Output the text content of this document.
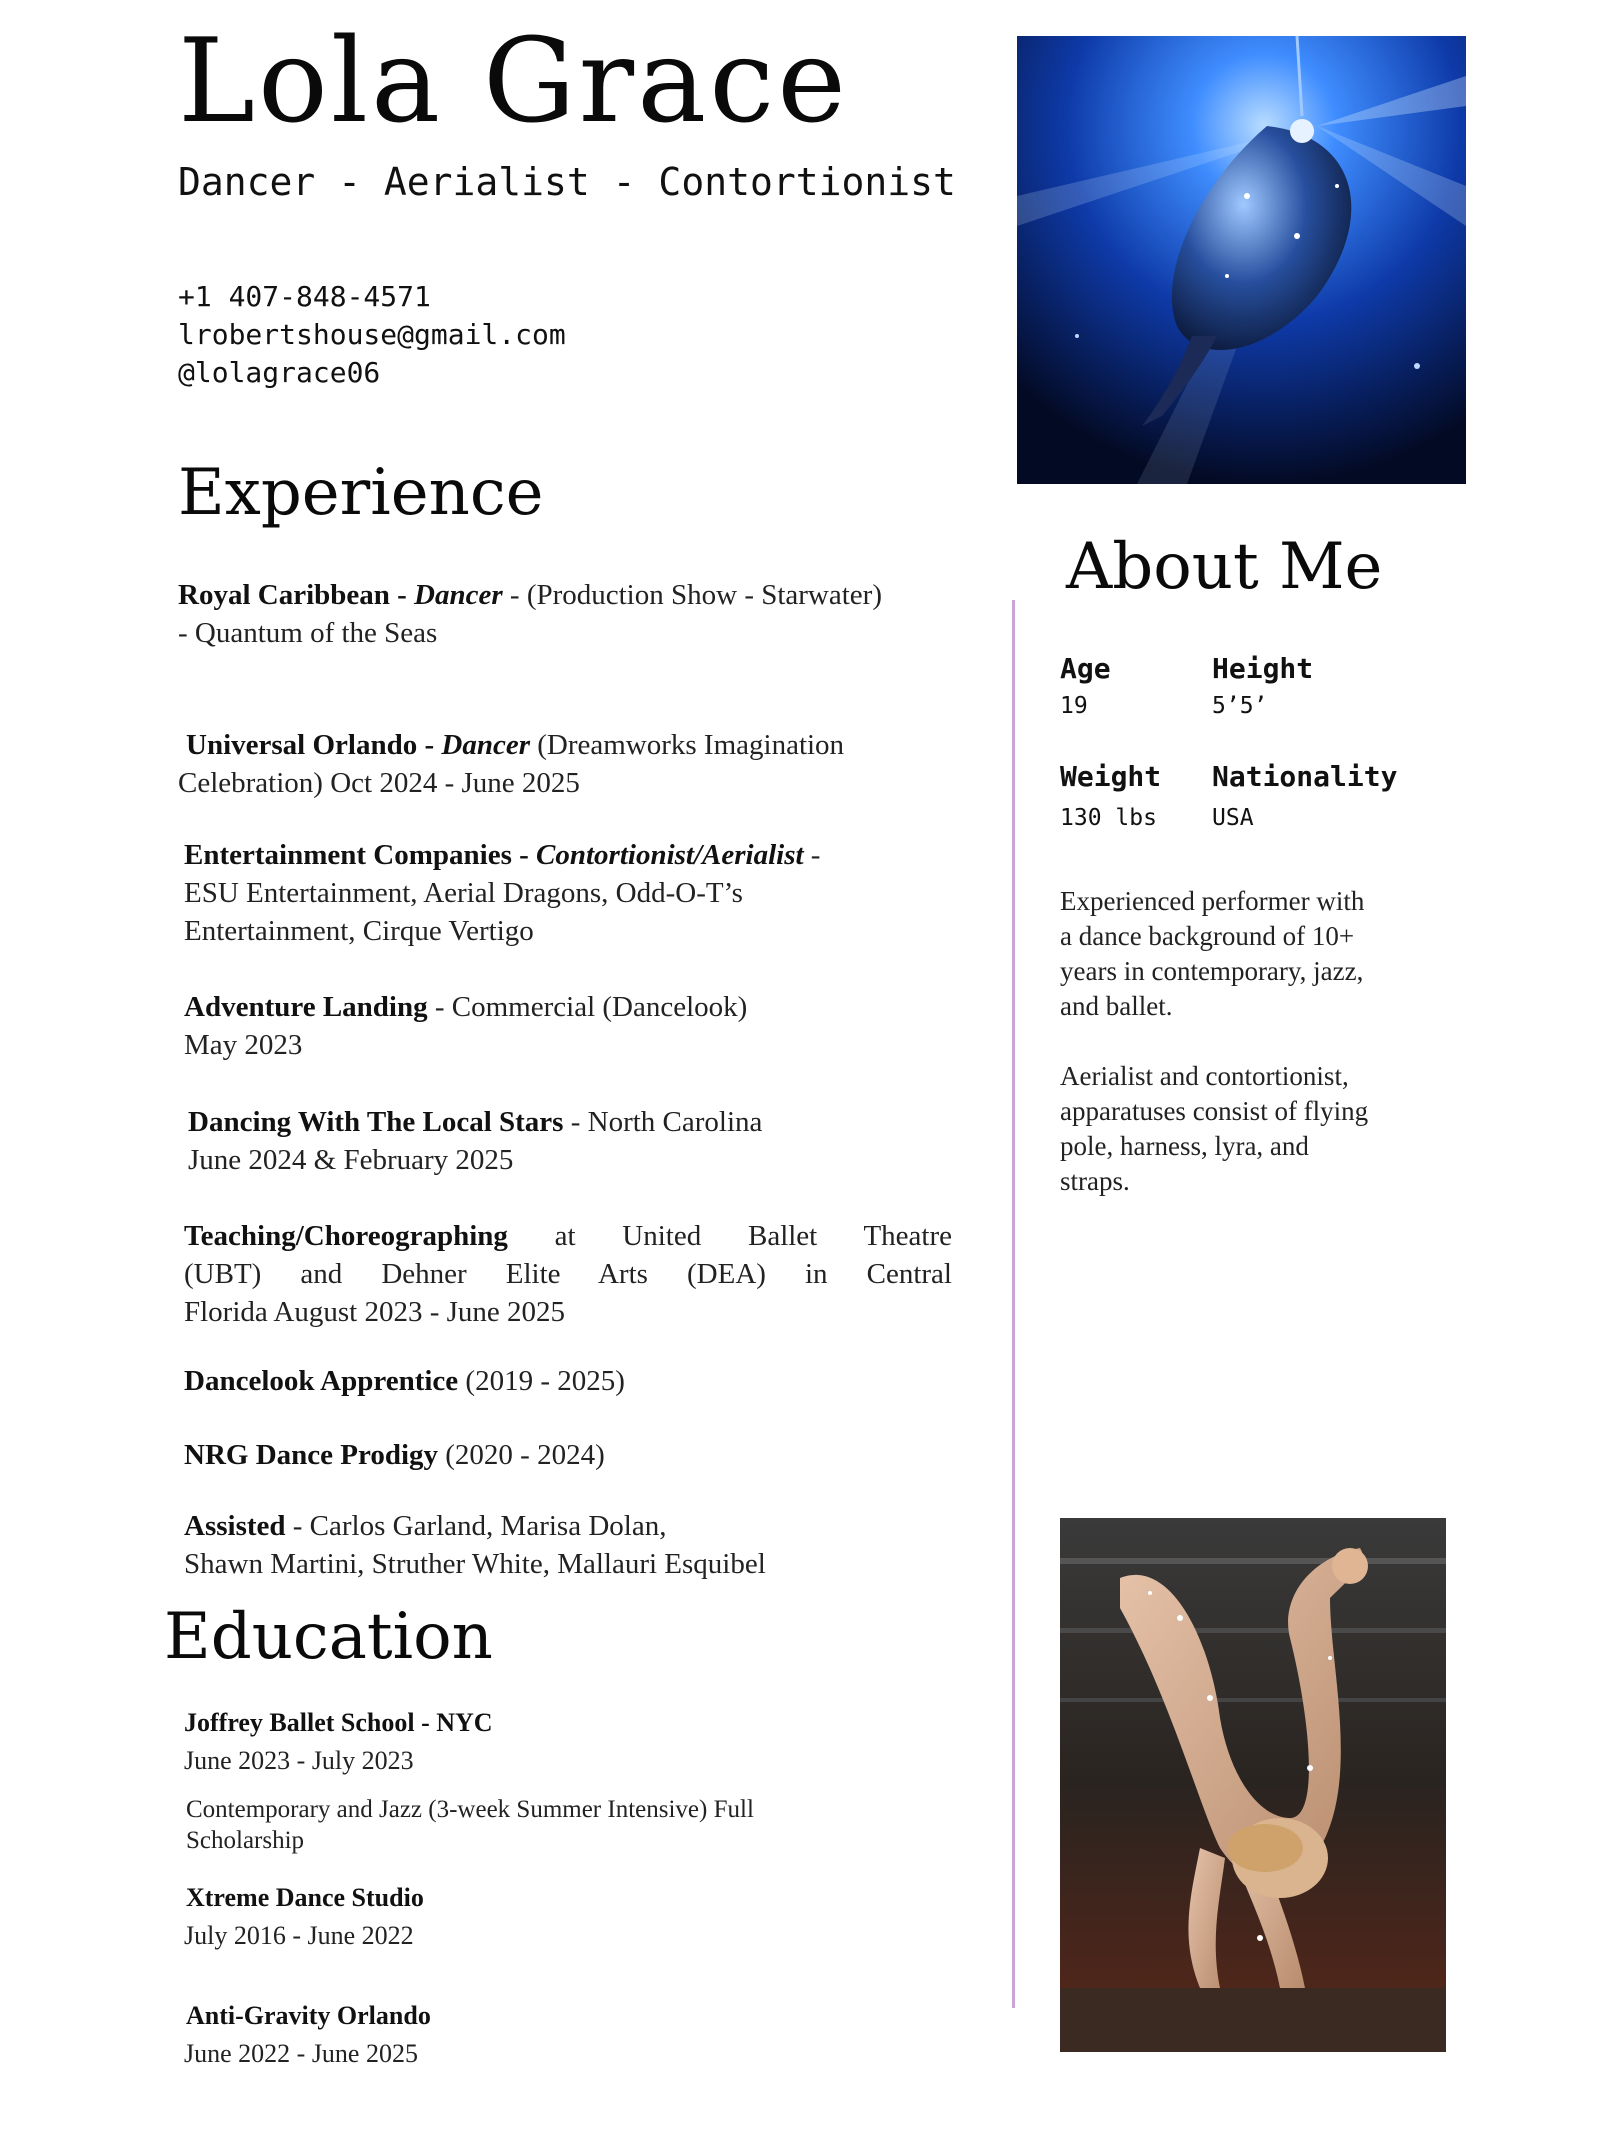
Lola Grace
Dancer - Aerialist - Contortionist
+1 407-848-4571
lrobertshouse@gmail.com
@lolagrace06
Experience
Royal Caribbean - Dancer - (Production Show - Starwater)
- Quantum of the Seas
Universal Orlando - Dancer (Dreamworks Imagination
Celebration) Oct 2024 - June 2025
Entertainment Companies - Contortionist/Aerialist -
ESU Entertainment, Aerial Dragons, Odd-O-T’s
Entertainment, Cirque Vertigo
Adventure Landing - Commercial (Dancelook)
May 2023
Dancing With The Local Stars - North Carolina
June 2024 & February 2025
Teaching/Choreographing at United Ballet Theatre
(UBT) and Dehner Elite Arts (DEA) in Central
Florida August 2023 - June 2025
Dancelook Apprentice (2019 - 2025)
NRG Dance Prodigy (2020 - 2024)
Assisted - Carlos Garland, Marisa Dolan,
Shawn Martini, Struther White, Mallauri Esquibel
Education
Joffrey Ballet School - NYC
June 2023 - July 2023
Contemporary and Jazz (3-week Summer Intensive) Full
Scholarship
Xtreme Dance Studio
July 2016 - June 2022
Anti-Gravity Orlando
June 2022 - June 2025
About Me
Age
19
Height
5’5’
Weight
130 lbs
Nationality
USA
Experienced performer with
a dance background of 10+
years in contemporary, jazz,
and ballet.
Aerialist and contortionist,
apparatuses consist of flying
pole, harness, lyra, and
straps.
